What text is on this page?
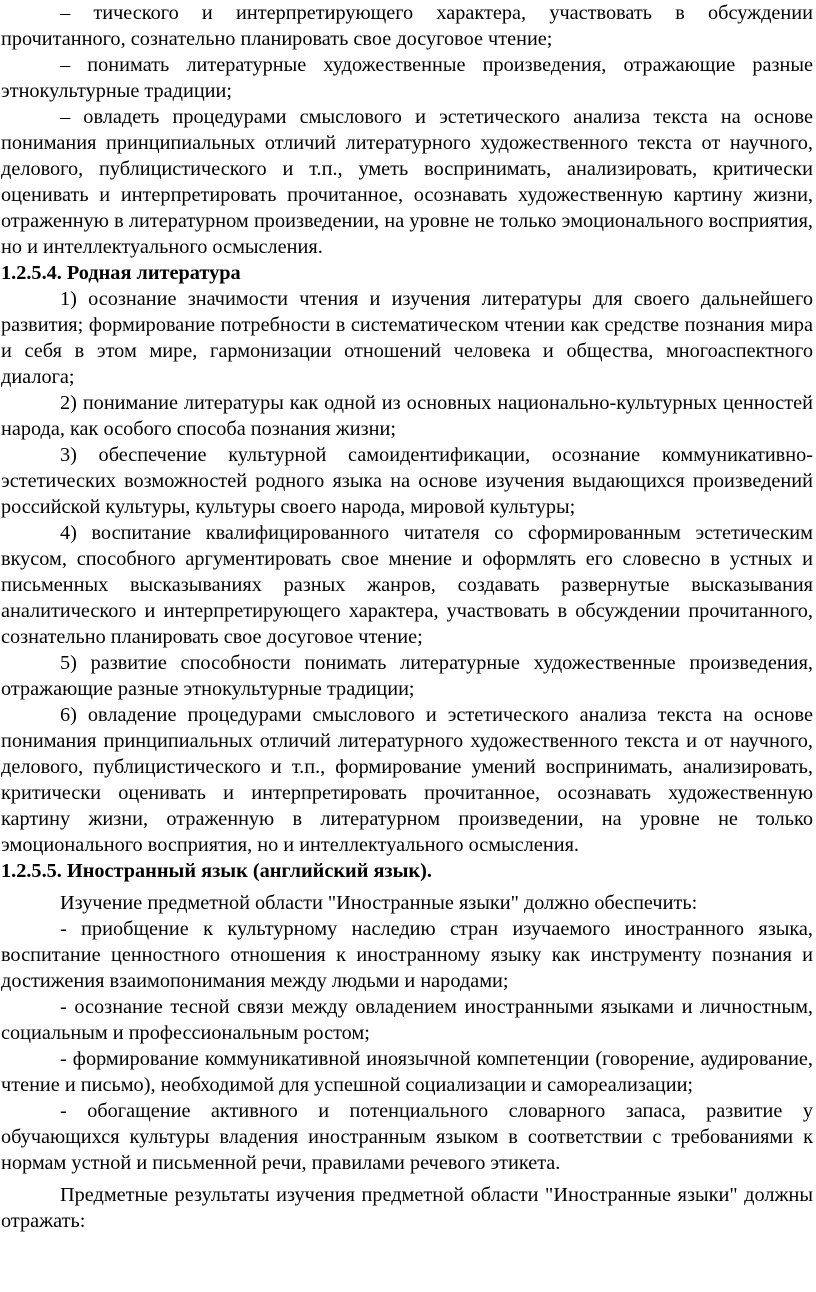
– тического и интерпретирующего характера, участвовать в обсуждении прочитанного, сознательно планировать свое досуговое чтение;

– понимать литературные художественные произведения, отражающие разные этнокультурные традиции;

– овладеть процедурами смыслового и эстетического анализа текста на основе понимания принципиальных отличий литературного художественного текста от научного, делового, публицистического и т.п., уметь воспринимать, анализировать, критически оценивать и интерпретировать прочитанное, осознавать художественную картину жизни, отраженную в литературном произведении, на уровне не только эмоционального восприятия, но и интеллектуального осмысления.

1.2.5.4. Родная литература

1) осознание значимости чтения и изучения литературы для своего дальнейшего развития; формирование потребности в систематическом чтении как средстве познания мира и себя в этом мире, гармонизации отношений человека и общества, многоаспектного диалога;

2) понимание литературы как одной из основных национально-культурных ценностей народа, как особого способа познания жизни;

3) обеспечение культурной самоидентификации, осознание коммуникативно-эстетических возможностей родного языка на основе изучения выдающихся произведений российской культуры, культуры своего народа, мировой культуры;

4) воспитание квалифицированного читателя со сформированным эстетическим вкусом, способного аргументировать свое мнение и оформлять его словесно в устных и письменных высказываниях разных жанров, создавать развернутые высказывания аналитического и интерпретирующего характера, участвовать в обсуждении прочитанного, сознательно планировать свое досуговое чтение;

5) развитие способности понимать литературные художественные произведения, отражающие разные этнокультурные традиции;

6) овладение процедурами смыслового и эстетического анализа текста на основе понимания принципиальных отличий литературного художественного текста и от научного, делового, публицистического и т.п., формирование умений воспринимать, анализировать, критически оценивать и интерпретировать прочитанное, осознавать художественную картину жизни, отраженную в литературном произведении, на уровне не только эмоционального восприятия, но и интеллектуального осмысления.

1.2.5.5. Иностранный язык (английский язык).

Изучение предметной области "Иностранные языки" должно обеспечить:

- приобщение к культурному наследию стран изучаемого иностранного языка, воспитание ценностного отношения к иностранному языку как инструменту познания и достижения взаимопонимания между людьми и народами;

- осознание тесной связи между овладением иностранными языками и личностным, социальным и профессиональным ростом;

- формирование коммуникативной иноязычной компетенции (говорение, аудирование, чтение и письмо), необходимой для успешной социализации и самореализации;

- обогащение активного и потенциального словарного запаса, развитие у обучающихся культуры владения иностранным языком в соответствии с требованиями к нормам устной и письменной речи, правилами речевого этикета.

Предметные результаты изучения предметной области "Иностранные языки" должны отражать:
